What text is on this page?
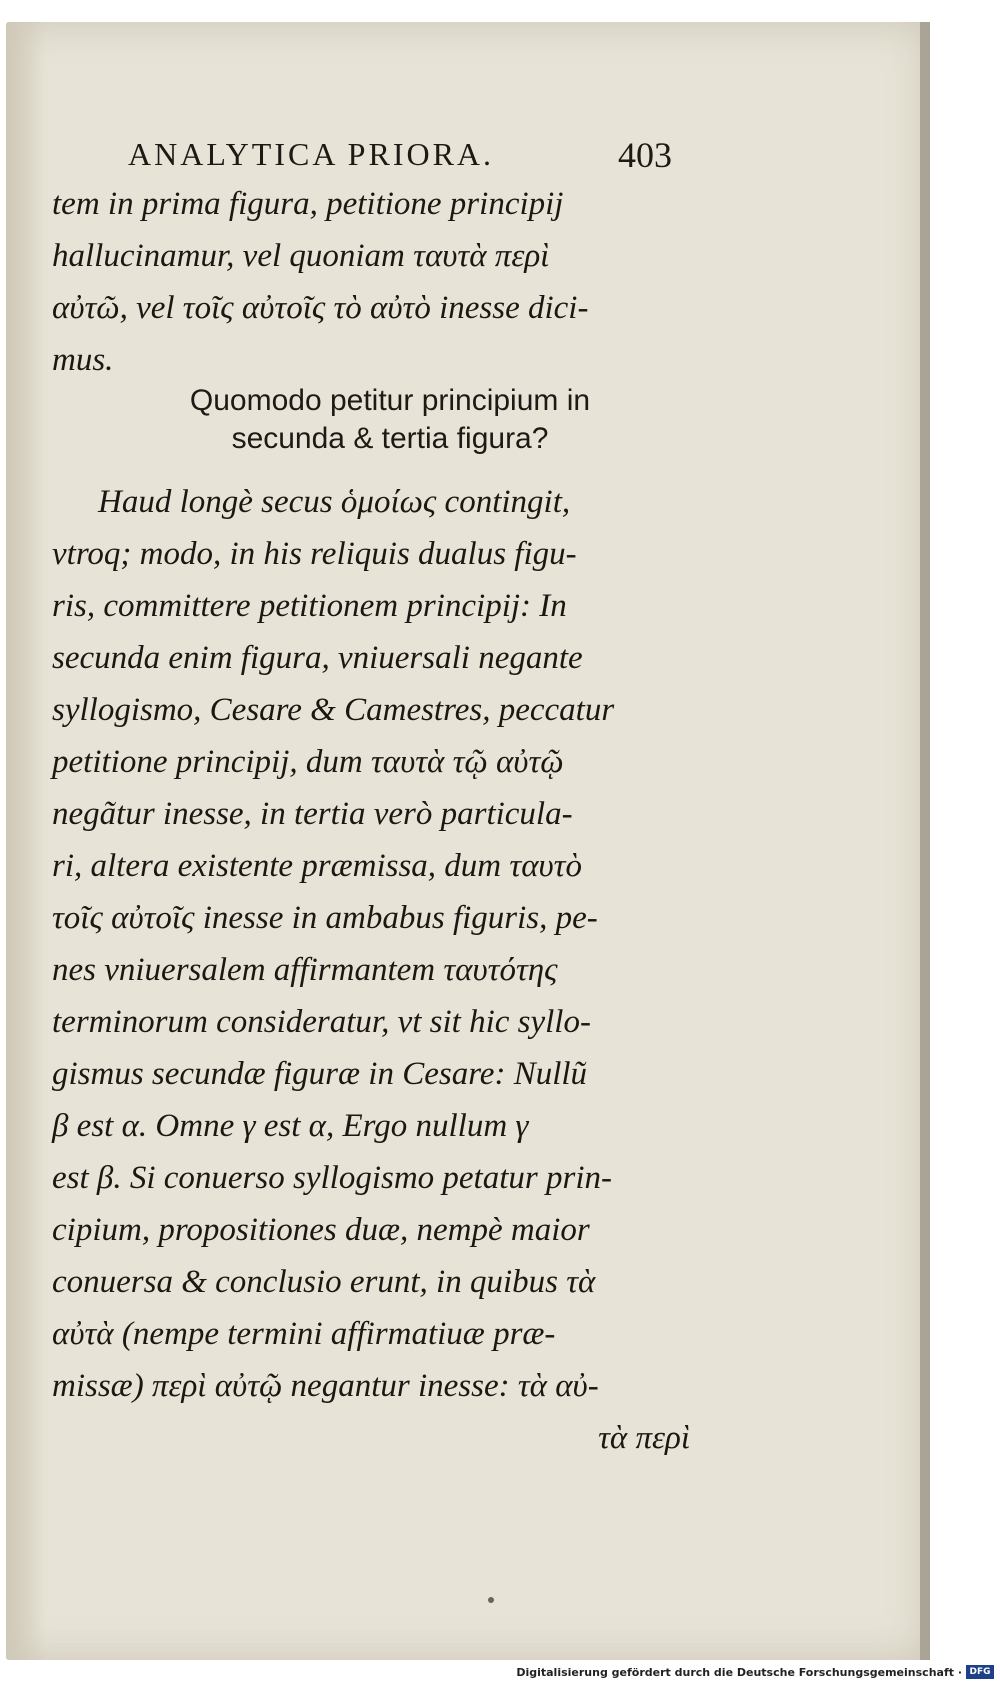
ANALYTICA PRIORA.	403
tem in prima figura, petitione principij
hallucinamur, vel quoniam ταυτὰ περὶ
αὐτῶ, vel τοῖς αὐτοῖς τὸ αὐτὸ inesse dici-
mus.
Quomodo petitur principium in
secunda & tertia figura?
Haud longè secus ὁμοίως contingit,
vtroq; modo, in his reliquis dualus figu-
ris, committere petitionem principij: In
secunda enim figura, vniuersali negante
syllogismo, Cesare & Camestres, peccatur
petitione principij, dum ταυτὰ τῷ αὐτῷ
negãtur inesse, in tertia verò particula-
ri, altera existente præmissa, dum ταυτὸ
τοῖς αὐτοῖς inesse in ambabus figuris, pe-
nes vniuersalem affirmantem ταυτότης
terminorum consideratur, vt sit hic syllo-
gismus secundæ figuræ in Cesare: Nullũ
β est α. Omne γ est α, Ergo nullum γ
est β. Si conuerso syllogismo petatur prin-
cipium, propositiones duæ, nempè maior
conuersa & conclusio erunt, in quibus τὰ
αὐτὰ (nempe termini affirmatiuæ præ-
missæ) περὶ αὐτῷ negantur inesse: τὰ αὐ-
τὰ περὶ
Digitalisierung gefördert durch die Deutsche Forschungsgemeinschaft · DFG
